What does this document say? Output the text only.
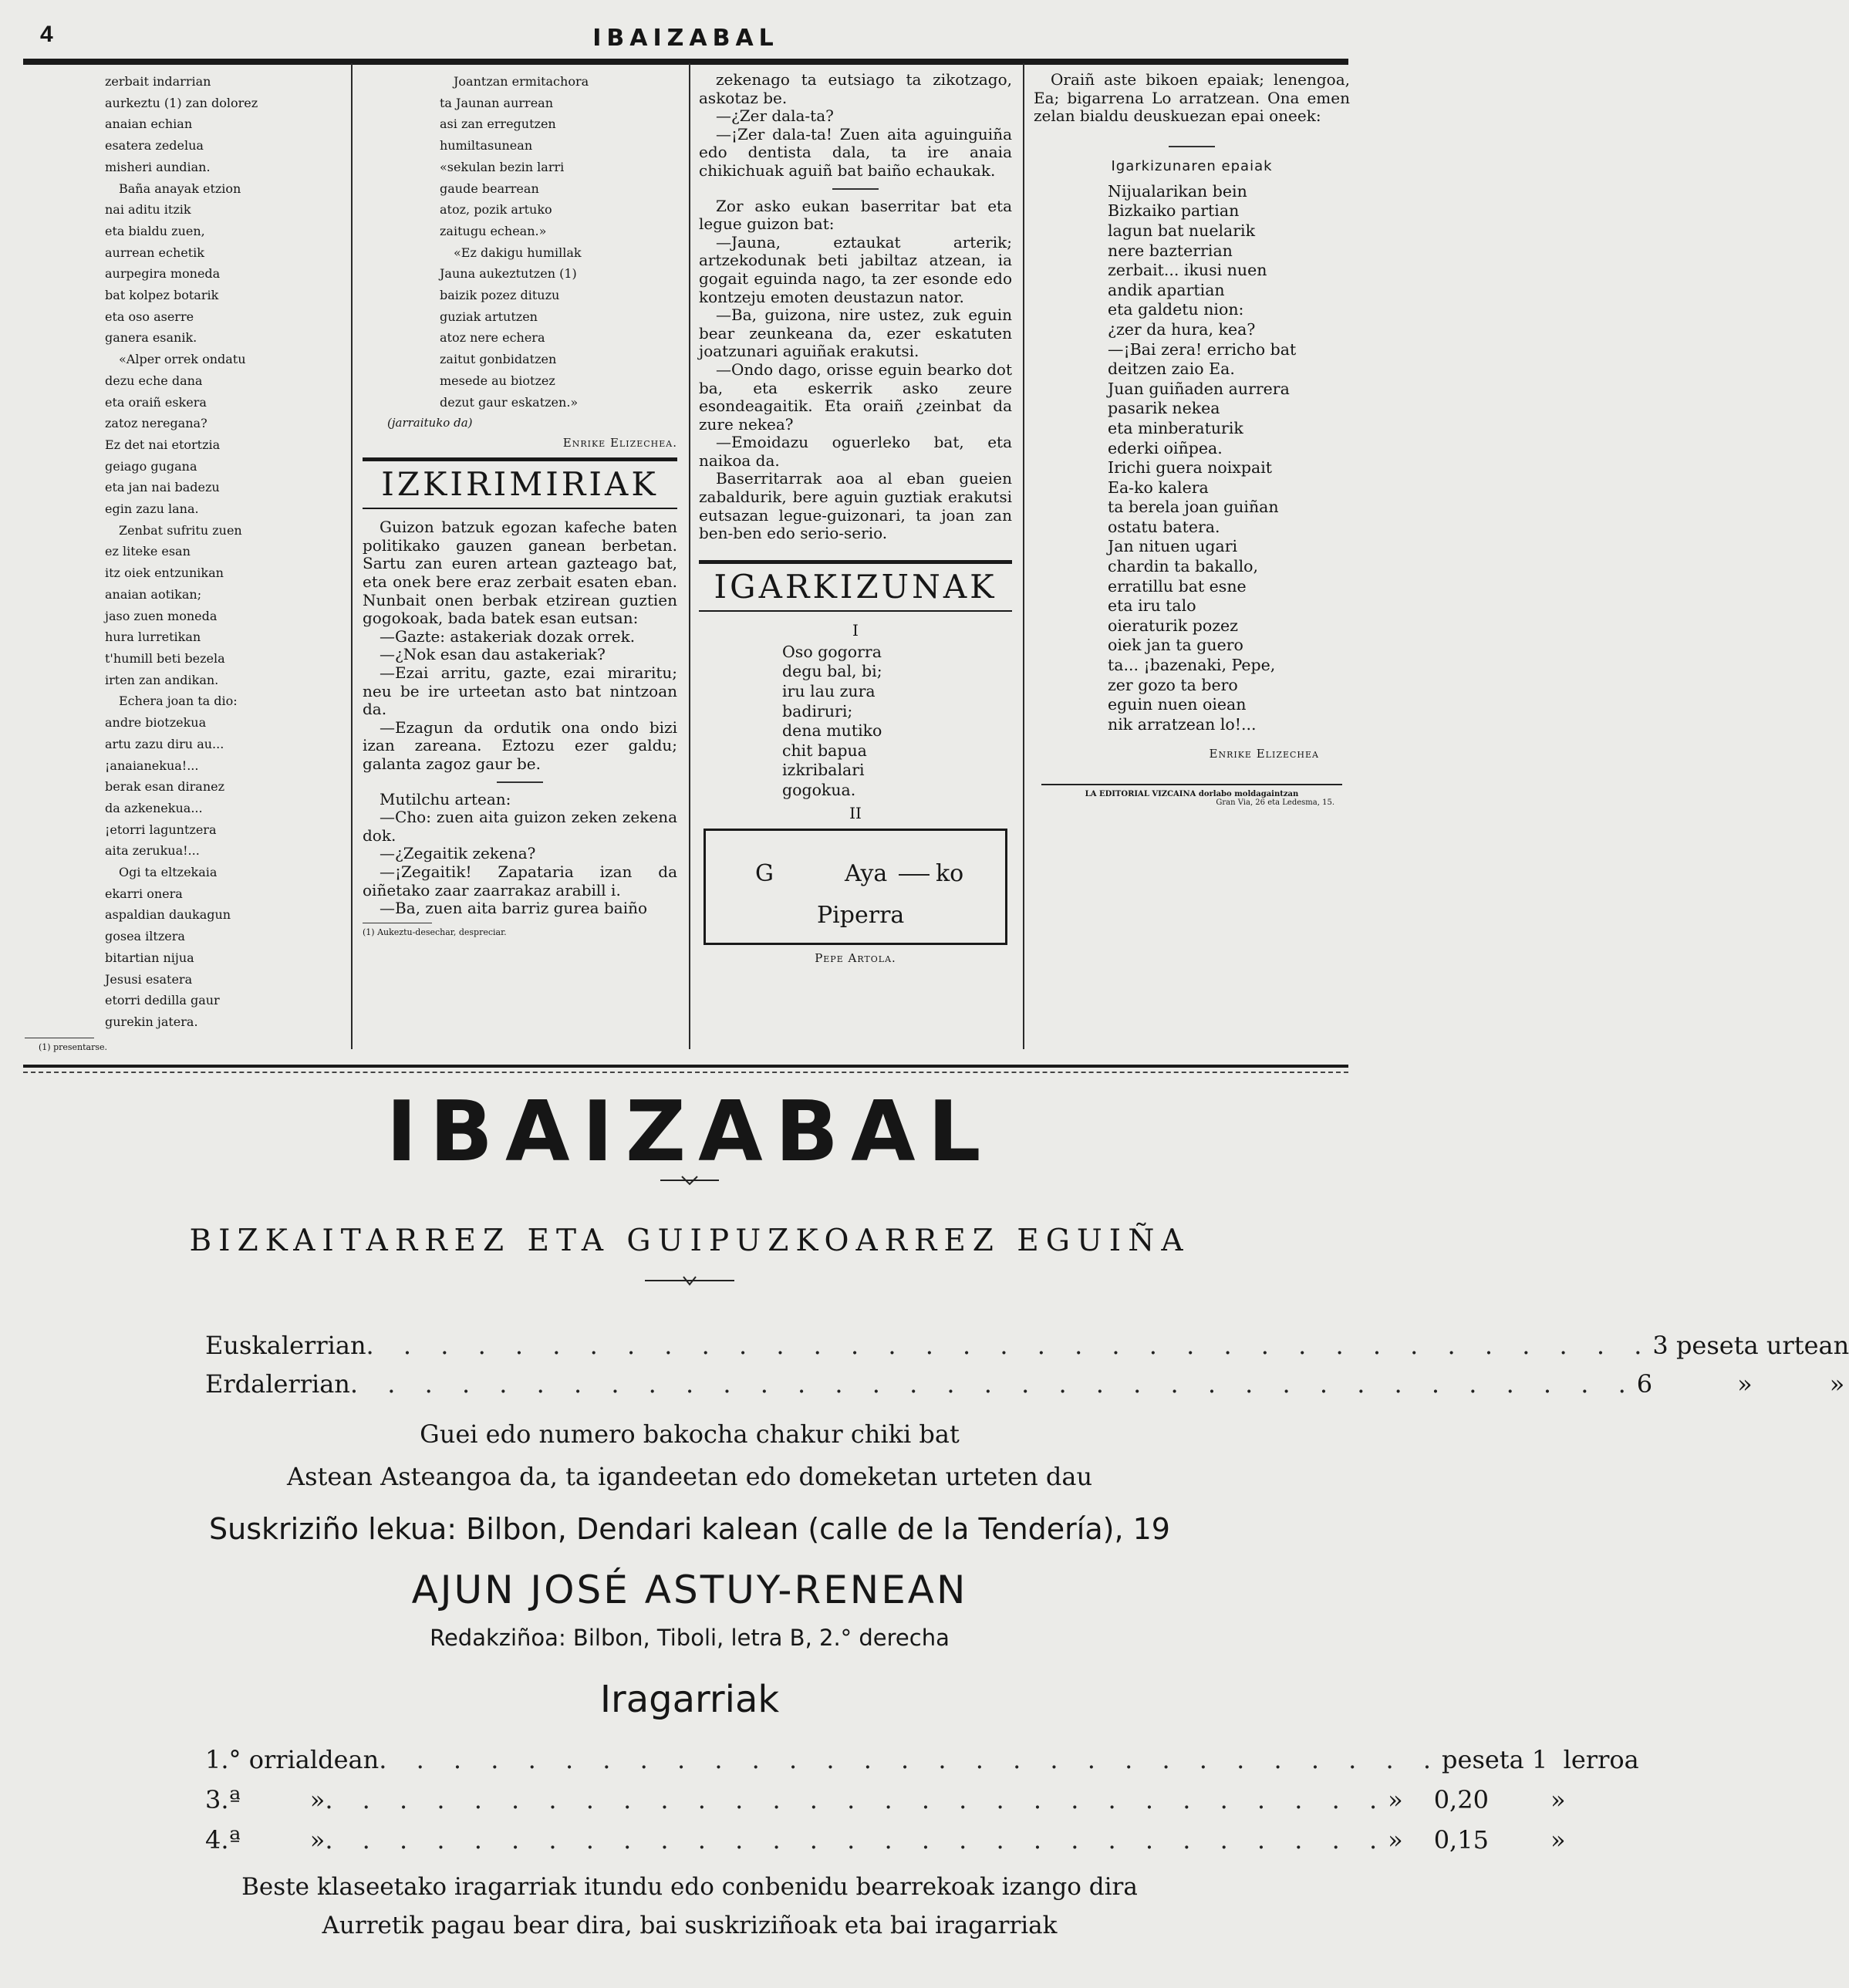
4	IBAIZABAL

zerbait indarrian

aurkeztu (1) zan dolorez

anaian echian

esatera zedelua

misheri aundian.

Baña anayak etzion

nai aditu itzik

eta bialdu zuen,

aurrean echetik

aurpegira moneda

bat kolpez botarik

eta oso aserre

ganera esanik.

«Alper orrek ondatu

dezu eche dana

eta oraiñ eskera

zatoz neregana?

Ez det nai etortzia

geiago gugana

eta jan nai badezu

egin zazu lana.

Zenbat sufritu zuen

ez liteke esan

itz oiek entzunikan

anaian aotikan;

jaso zuen moneda

hura lurretikan

t'humill beti bezela

irten zan andikan.

Echera joan ta dio:

andre biotzekua

artu zazu diru au...

¡anaianekua!...

berak esan diranez

da azkenekua...

¡etorri laguntzera

aita zerukua!...

Ogi ta eltzekaia

ekarri onera

aspaldian daukagun

gosea iltzera

bitartian nijua

Jesusi esatera

etorri dedilla gaur

gurekin jatera.

(1) presentarse.

Joantzan ermitachora

ta Jaunan aurrean

asi zan erregutzen

humiltasunean

«sekulan bezin larri

gaude bearrean

atoz, pozik artuko

zaitugu echean.»

«Ez dakigu humillak

Jauna aukeztutzen (1)

baizik pozez dituzu

guziak artutzen

atoz nere echera

zaitut gonbidatzen

mesede au biotzez

dezut gaur eskatzen.»

(jarraituko da)
Enrike Elizechea.
IZKIRIMIRIAK

Guizon batzuk egozan kafeche baten politikako gauzen ganean berbetan. Sartu zan euren artean gazteago bat, eta onek bere eraz zerbait esaten eban. Nunbait onen berbak etzirean guztien gogokoak, bada batek esan eutsan:

—Gazte: astakeriak dozak orrek.

—¿Nok esan dau astakeriak?

—Ezai arritu, gazte, ezai miraritu; neu be ire urteetan asto bat nintzoan da.

—Ezagun da ordutik ona ondo bizi izan zareana. Eztozu ezer galdu; galanta zagoz gaur be.

Mutilchu artean:

—Cho: zuen aita guizon zeken zekena dok.

—¿Zegaitik zekena?

—¡Zegaitik! Zapataria izan da oiñetako zaar zaarrakaz arabill i.

—Ba, zuen aita barriz gurea baiño

(1) Aukeztu-desechar, despreciar.

zekenago ta eutsiago ta zikotzago, askotaz be.

—¿Zer dala-ta?

—¡Zer dala-ta! Zuen aita aguinguiña edo dentista dala, ta ire anaia chikichuak aguiñ bat baiño echaukak.

Zor asko eukan baserritar bat eta legue guizon bat:

—Jauna, eztaukat arterik; artzekodunak beti jabiltaz atzean, ia gogait eguinda nago, ta zer esonde edo kontzeju emoten deustazun nator.

—Ba, guizona, nire ustez, zuk eguin bear zeunkeana da, ezer eskatuten joatzunari aguiñak erakutsi.

—Ondo dago, orisse eguin bearko dot ba, eta eskerrik asko zeure esondeagaitik. Eta oraiñ ¿zeinbat da zure nekea?

—Emoidazu oguerleko bat, eta naikoa da.

Baserritarrak aoa al eban gueien zabaldurik, bere aguin guztiak erakutsi eutsazan legue-guizonari, ta joan zan ben-ben edo serio-serio.

IGARKIZUNAK
I

Oso gogorra

degu bal, bi;

iru lau zura

badiruri;

dena mutiko

chit bapua

izkribalari

gogokua.

II
G	Aya ko
Piperra
Pepe Artola.

Oraiñ aste bikoen epaiak; lenengoa, Ea; bigarrena Lo arratzean. Ona emen zelan bialdu deuskuezan epai oneek:

Igarkizunaren epaiak

Nijualarikan bein

Bizkaiko partian

lagun bat nuelarik

nere bazterrian

zerbait... ikusi nuen

andik apartian

eta galdetu nion:

¿zer da hura, kea?

—¡Bai zera! erricho bat

deitzen zaio Ea.

Juan guiñaden aurrera

pasarik nekea

eta minberaturik

ederki oiñpea.

Irichi guera noixpait

Ea-ko kalera

ta berela joan guiñan

ostatu batera.

Jan nituen ugari

chardin ta bakallo,

erratillu bat esne

eta iru talo

oieraturik pozez

oiek jan ta guero

ta... ¡bazenaki, Pepe,

zer gozo ta bero

eguin nuen oiean

nik arratzean lo!...

Enrike Elizechea
LA EDITORIAL VIZCAINA dorlabo moldagaintzan
Gran Via, 26 eta Ledesma, 15.
IBAIZABAL
BIZKAITARREZ ETA GUIPUZKOARREZ EGUIÑA
Euskalerrian . . . . . . . . . . . . . . . . . . . . . . . . . . . . . . . . . . . 3 peseta urtean
Erdalerrian . . . . . . . . . . . . . . . . . . . . . . . . . . . . . . . . . . . 6	»	»
Guei edo numero bakocha chakur chiki bat
Astean Asteangoa da, ta igandeetan edo domeketan urteten dau
Suskriziño lekua: Bilbon, Dendari kalean (calle de la Tendería), 19
AJUN JOSÉ ASTUY-RENEAN
Redakziñoa: Bilbon, Tiboli, letra B, 2.° derecha
Iragarriak
1.° orrialdean . . . . . . . . . . . . . . . . . . . . . . . . . . . . . peseta 1  lerroa
3.ª	» . . . . . . . . . . . . . . . . . . . . . . . . . . . . . » 0,20	»
4.ª	» . . . . . . . . . . . . . . . . . . . . . . . . . . . . . » 0,15	»
Beste klaseetako iragarriak itundu edo conbenidu bearrekoak izango dira
Aurretik pagau bear dira, bai suskriziñoak eta bai iragarriak
